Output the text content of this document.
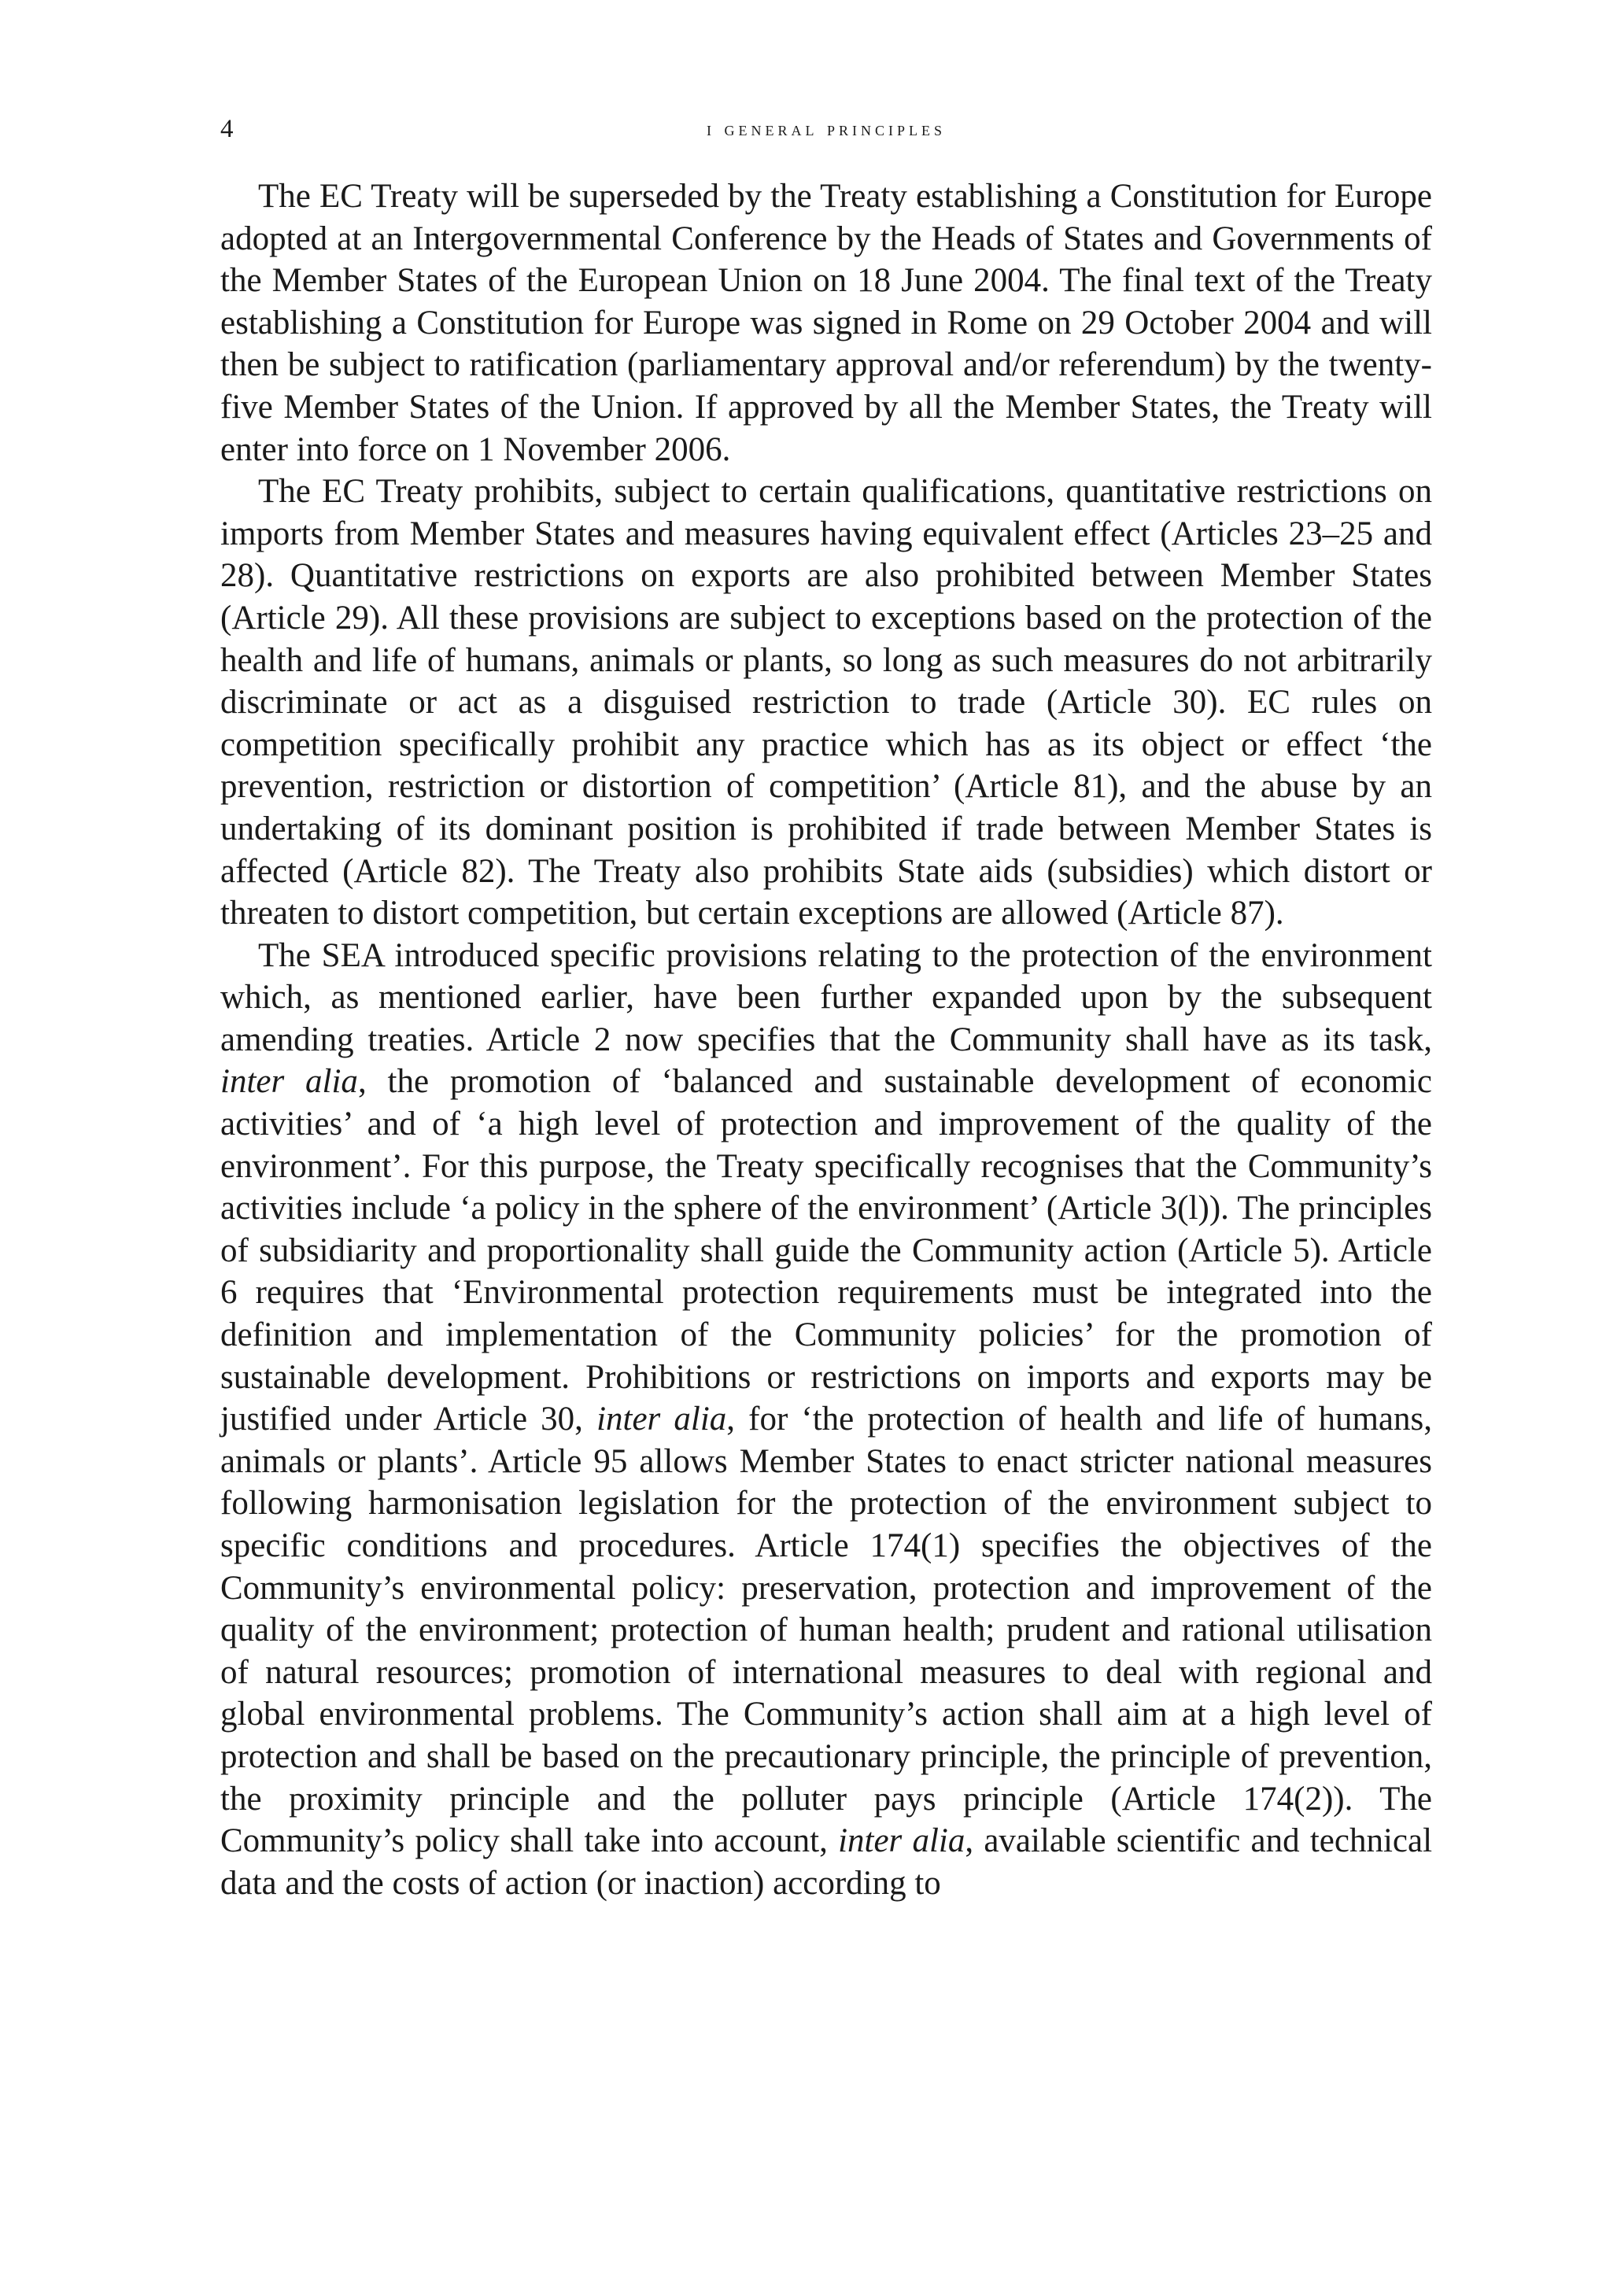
4	i general principles

The EC Treaty will be superseded by the Treaty establishing a Constitution for Europe adopted at an Intergovernmental Conference by the Heads of States and Governments of the Member States of the European Union on 18 June 2004. The final text of the Treaty establishing a Constitution for Europe was signed in Rome on 29 October 2004 and will then be subject to ratification (parliamentary approval and/or referendum) by the twenty-five Member States of the Union. If approved by all the Member States, the Treaty will enter into force on 1 November 2006.

The EC Treaty prohibits, subject to certain qualifications, quantitative restrictions on imports from Member States and measures having equivalent effect (Articles 23–25 and 28). Quantitative restrictions on exports are also prohibited between Member States (Article 29). All these provisions are subject to exceptions based on the protection of the health and life of humans, animals or plants, so long as such measures do not arbitrarily discriminate or act as a disguised restriction to trade (Article 30). EC rules on competition specifically prohibit any practice which has as its object or effect ‘the prevention, restriction or distortion of competition’ (Article 81), and the abuse by an undertaking of its dominant position is prohibited if trade between Member States is affected (Article 82). The Treaty also prohibits State aids (subsidies) which distort or threaten to distort competition, but certain exceptions are allowed (Article 87).

The SEA introduced specific provisions relating to the protection of the environment which, as mentioned earlier, have been further expanded upon by the subsequent amending treaties. Article 2 now specifies that the Community shall have as its task, inter alia, the promotion of ‘balanced and sustainable development of economic activities’ and of ‘a high level of protection and improvement of the quality of the environment’. For this purpose, the Treaty specifically recognises that the Community’s activities include ‘a policy in the sphere of the environment’ (Article 3(l)). The principles of subsidiarity and proportionality shall guide the Community action (Article 5). Article 6 requires that ‘Environmental protection requirements must be integrated into the definition and implementation of the Community policies’ for the promotion of sustainable development. Prohibitions or restrictions on imports and exports may be justified under Article 30, inter alia, for ‘the protection of health and life of humans, animals or plants’. Article 95 allows Member States to enact stricter national measures following harmonisation legislation for the protection of the environment subject to specific conditions and procedures. Article 174(1) specifies the objectives of the Community’s environmental policy: preservation, protection and improvement of the quality of the environment; protection of human health; prudent and rational utilisation of natural resources; promotion of international measures to deal with regional and global environmental problems. The Community’s action shall aim at a high level of protection and shall be based on the precautionary principle, the principle of prevention, the proximity principle and the polluter pays principle (Article 174(2)). The Community’s policy shall take into account, inter alia, available scientific and technical data and the costs of action (or inaction) according to
